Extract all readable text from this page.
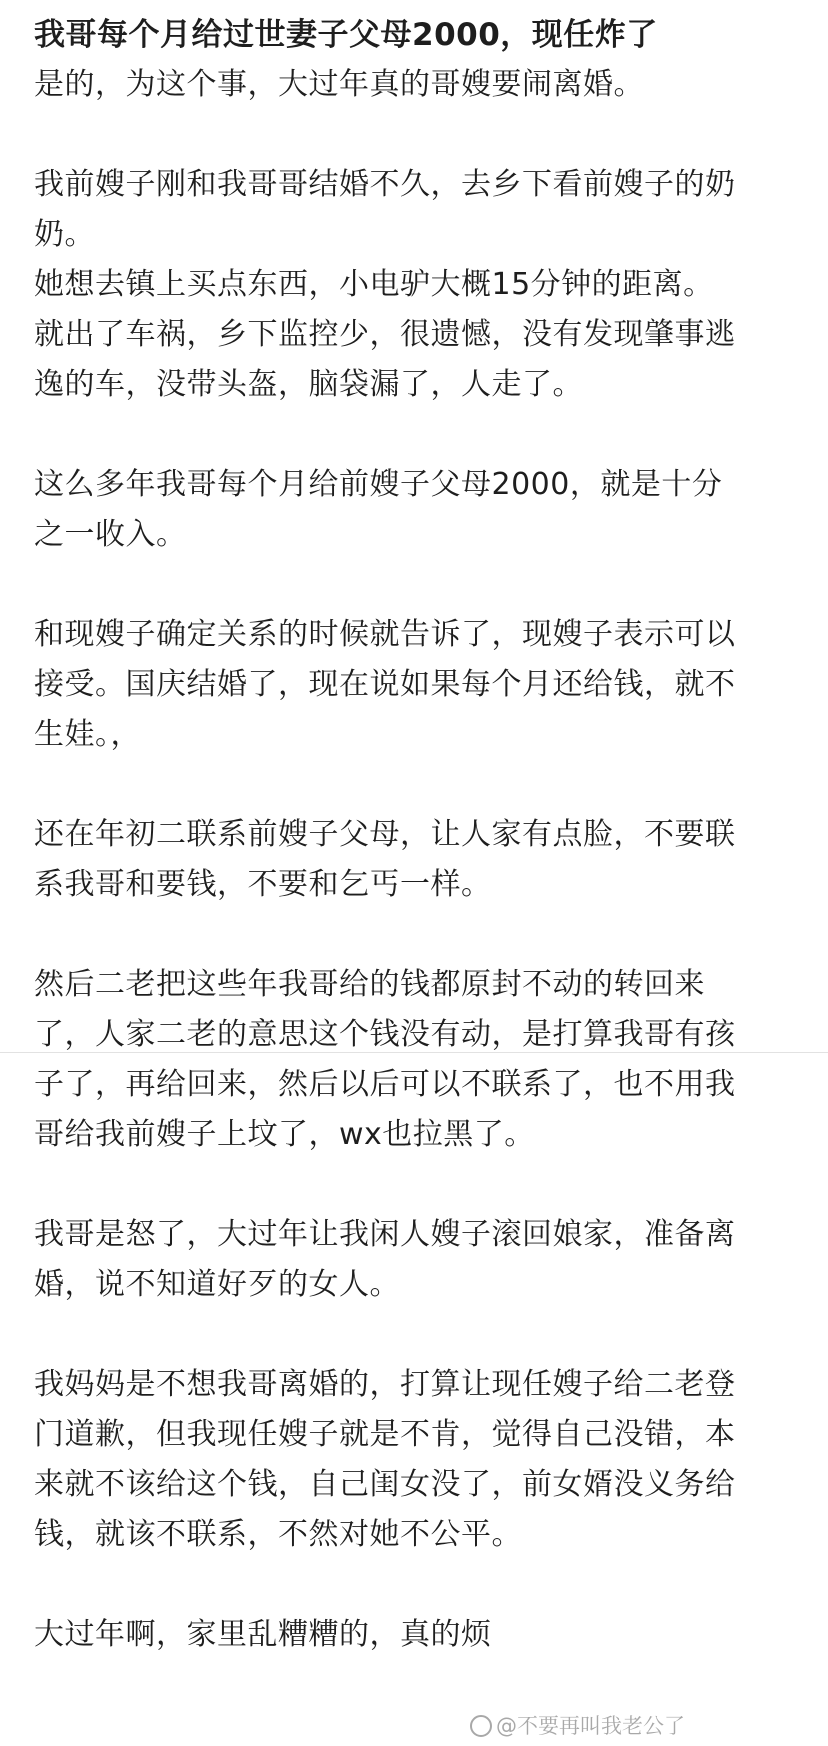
我哥每个月给过世妻子父母2000，现任炸了

是的，为这个事，大过年真的哥嫂要闹离婚。

我前嫂子刚和我哥哥结婚不久，去乡下看前嫂子的奶

奶。

她想去镇上买点东西，小电驴大概15分钟的距离。

就出了车祸，乡下监控少，很遗憾，没有发现肇事逃

逸的车，没带头盔，脑袋漏了，人走了。

这么多年我哥每个月给前嫂子父母2000，就是十分

之一收入。

和现嫂子确定关系的时候就告诉了，现嫂子表示可以

接受。国庆结婚了，现在说如果每个月还给钱，就不

生娃。，

还在年初二联系前嫂子父母，让人家有点脸，不要联

系我哥和要钱，不要和乞丐一样。

然后二老把这些年我哥给的钱都原封不动的转回来

了，人家二老的意思这个钱没有动，是打算我哥有孩

子了，再给回来，然后以后可以不联系了，也不用我

哥给我前嫂子上坟了，wx也拉黑了。

我哥是怒了，大过年让我闲人嫂子滚回娘家，准备离

婚，说不知道好歹的女人。

我妈妈是不想我哥离婚的，打算让现任嫂子给二老登

门道歉，但我现任嫂子就是不肯，觉得自己没错，本

来就不该给这个钱，自己闺女没了，前女婿没义务给

钱，就该不联系，不然对她不公平。

大过年啊，家里乱糟糟的，真的烦

@不要再叫我老公了
